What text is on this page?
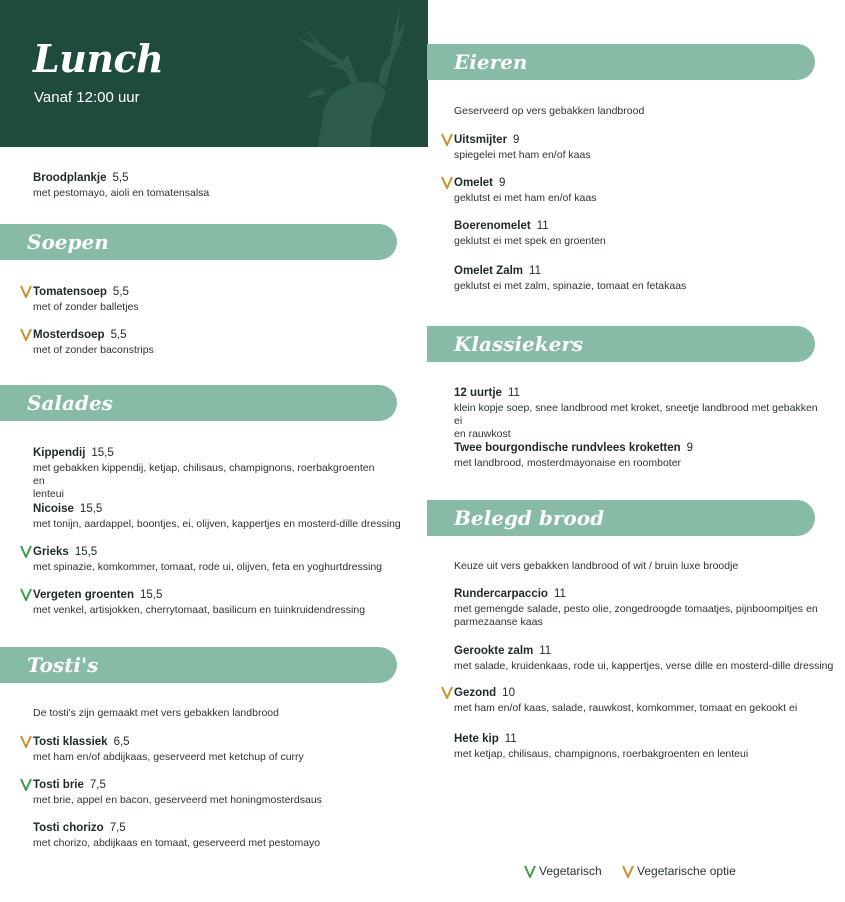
Lunch
Vanaf 12:00 uur
Broodplankje 5,5
met pestomayo, aioli en tomatensalsa
Soepen
Tomatensoep 5,5
met of zonder balletjes
Mosterdsoep 5,5
met of zonder baconstrips
Salades
Kippendij 15,5
met gebakken kippendij, ketjap, chilisaus, champignons, roerbakgroenten en
lenteui
Nicoise 15,5
met tonijn, aardappel, boontjes, ei, olijven, kappertjes en mosterd-dille dressing
Grieks 15,5
met spinazie, komkommer, tomaat, rode ui, olijven, feta en yoghurtdressing
Vergeten groenten 15,5
met venkel, artisjokken, cherrytomaat, basilicum en tuinkruidendressing
Tosti's
De tosti's zijn gemaakt met vers gebakken landbrood
Tosti klassiek 6,5
met ham en/of abdijkaas, geserveerd met ketchup of curry
Tosti brie 7,5
met brie, appel en bacon, geserveerd met honingmosterdsaus
Tosti chorizo 7,5
met chorizo, abdijkaas en tomaat, geserveerd met pestomayo
Eieren
Geserveerd op vers gebakken landbrood
Uitsmijter 9
spiegelei met ham en/of kaas
Omelet 9
geklutst ei met ham en/of kaas
Boerenomelet 11
geklutst ei met spek en groenten
Omelet Zalm 11
geklutst ei met zalm, spinazie, tomaat en fetakaas
Klassiekers
12 uurtje 11
klein kopje soep, snee landbrood met kroket, sneetje landbrood met gebakken ei
en rauwkost
Twee bourgondische rundvlees kroketten 9
met landbrood, mosterdmayonaise en roomboter
Belegd brood
Keuze uit vers gebakken landbrood of wit / bruin luxe broodje
Rundercarpaccio 11
met gemengde salade, pesto olie, zongedroogde tomaatjes, pijnboompitjes en
parmezaanse kaas
Gerookte zalm 11
met salade, kruidenkaas, rode ui, kappertjes, verse dille en mosterd-dille dressing
Gezond 10
met ham en/of kaas, salade, rauwkost, komkommer, tomaat en gekookt ei
Hete kip 11
met ketjap, chilisaus, champignons, roerbakgroenten en lenteui
Vegetarisch	Vegetarische optie
